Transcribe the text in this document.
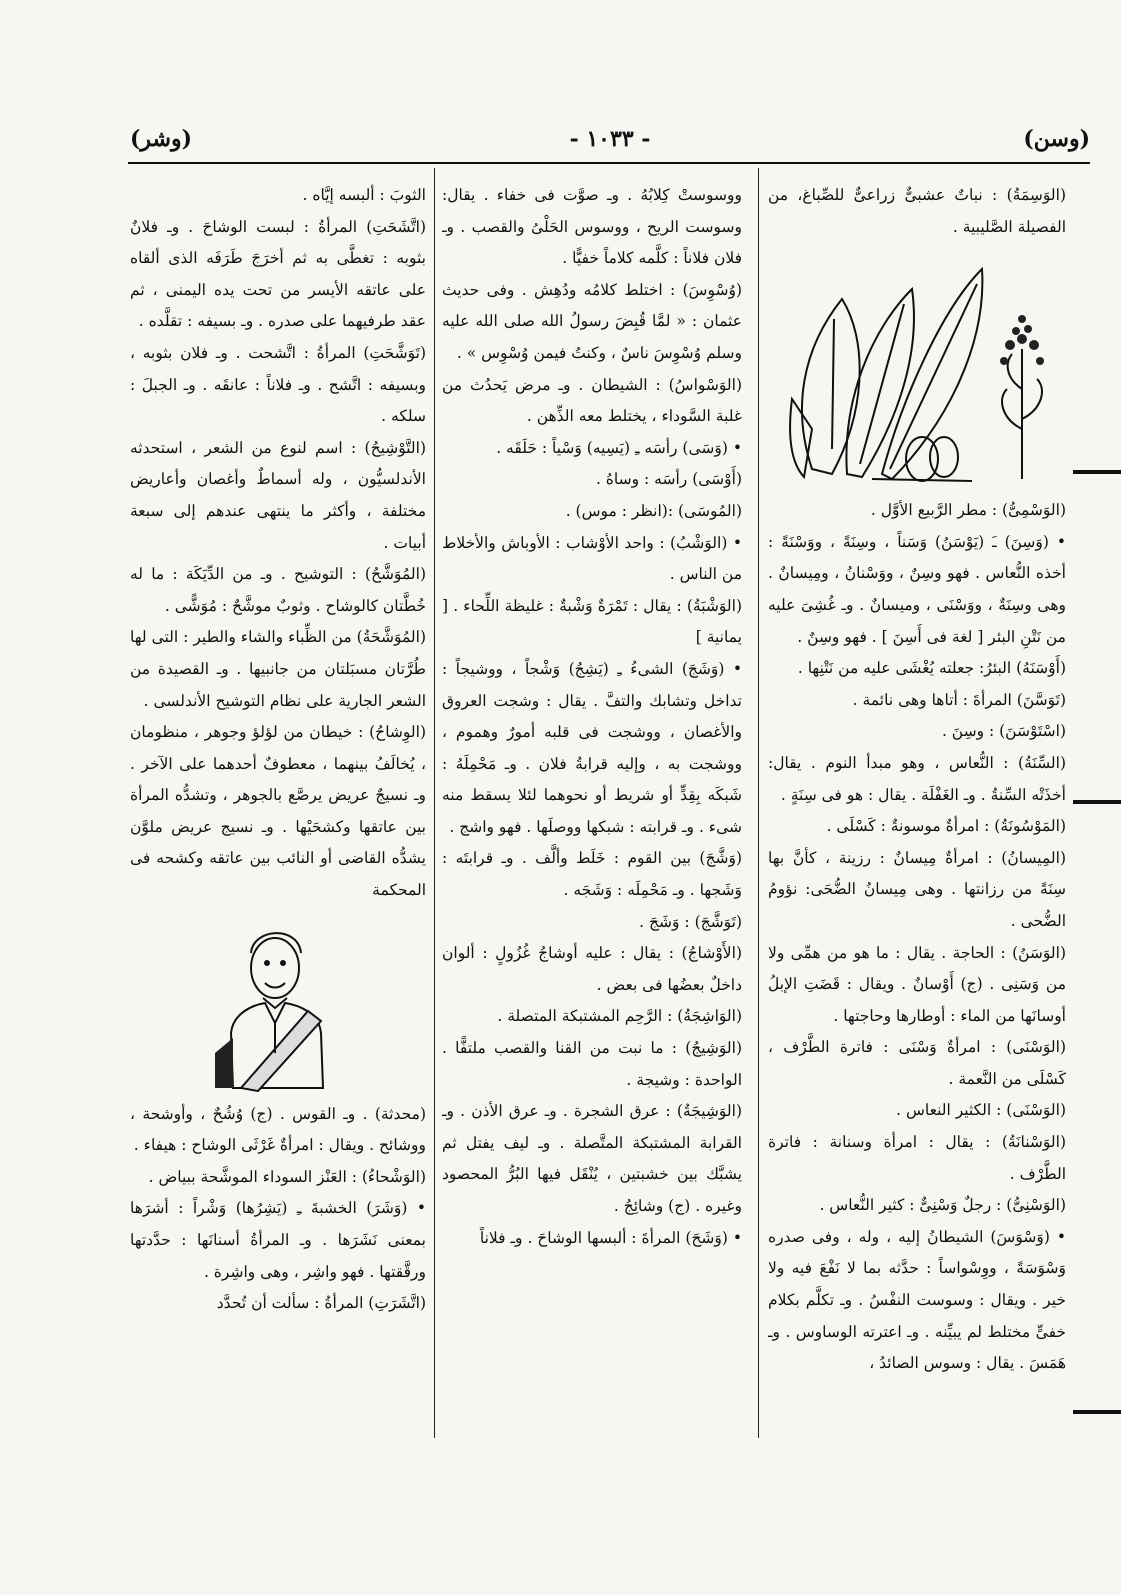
(وسن)
- ١٠٣٣ -
(وشر)

(الوَسِمَةُ) : نباتٌ عشبىٌّ زراعىٌّ للصِّباغ، من الفصيلة الصَّليبية .

(الوَسْمِىُّ) : مطر الرَّبيع الأوَّل .

• (وَسِنَ) ـَ (يَوْسَنُ) وَسَناً ، وسِنَةً ، ووَسْنَةً : أخذه النُّعاس . فهو وسِنٌ ، ووَسْنانُ ، ومِيسانٌ . وهى وسِنَةٌ ، ووَسْنَى ، وميسانٌ . وـ غُشِىَ عليه من نَتْنِ البئر [ لغة فى أَسِنَ ] . فهو وسِنٌ .

(أَوْسَنَهُ) البئرُ: جعلته يُغْشَى عليه من نَتْنِها .

(تَوَسَّنَ) المرأةَ : أتاها وهى نائمة .

(اسْتَوْسَنَ) : وسِنَ .

(السِّنَةُ) : النُّعاس ، وهو مبدأ النوم . يقال: أخذَتْه السِّنةُ . وـ الغَفْلَة . يقال : هو فى سِنَةٍ .

(المَوْسُونَةُ) : امرأةٌ موسونةٌ : كَسْلَى .

(المِيسانُ) : امرأةٌ مِيسانٌ : رزينة ، كأنَّ بها سِنَةً من رزانتها . وهى مِيسانُ الضُّحَى: نؤومُ الضُّحى .

(الوَسَنُ) : الحاجة . يقال : ما هو من همِّى ولا من وَسَنِى . (ج) أَوْسانٌ . ويقال : قَضَتِ الإبلُ أوسانَها من الماء : أوطارها وحاجتها .

(الوَسْنَى) : امرأةٌ وَسْنَى : فاترة الطَّرْف ، كَسْلَى من النَّعمة .

(الوَسْنَى) : الكثير النعاس .

(الوَسْنانَةُ) : يقال : امرأة وسنانة : فاترة الطَّرْف .

(الوَسْنِىُّ) : رجلٌ وَسْنِىٌّ : كثير النُّعاس .

• (وَسْوَسَ) الشيطانُ إليه ، وله ، وفى صدره وَسْوَسَةً ، ووِسْواساً : حدَّثه بما لا نَفْعَ فيه ولا خير . ويقال : وسوست النفْسُ . وـ تكلَّم بكلام خفىٍّ مختلط لم يبيِّنه . وـ اعترته الوساوس . وـ هَمَسَ . يقال : وسوس الصائدُ ،

ووسوستْ كِلابُهُ . وـ صوَّت فى خفاء . يقال: وسوست الريح ، ووسوس الحَلْىُ والقصب . وـ فلان فلاناً : كلَّمه كلاماً خفيًّا .

(وُسْوِسَ) : اختلط كلامُه ودُهِش . وفى حديث عثمان : « لمَّا قُبِضَ رسولُ الله صلى الله عليه وسلم وُسْوِسَ ناسٌ ، وكنتُ فيمن وُسْوِس » .

(الوَسْواسُ) : الشيطان . وـ مرض يَحدُث من غلبة السَّوداء ، يختلط معه الذِّهن .

• (وَسَى) رأسَه ـِ (يَسِيه) وَسْياً : حَلَقَه .

(أَوْسَى) رأسَه : وساهُ .

(المُوسَى) :(انظر : موس) .

• (الوَشْبُ) : واحد الأوْشاب : الأوباش والأخلاط من الناس .

(الوَشْبَةُ) : يقال : تَمْرَةٌ وَشْبةٌ : غليظة اللِّحاء . [ يمانية ]

• (وَشَجَ) الشىءُ ـِ (يَشِجُ) وَشْجاً ، ووشيجاً : تداخل وتشابك والتفَّ . يقال : وشجت العروق والأغصان ، ووشجت فى قلبه أمورٌ وهموم ، ووشجت به ، وإليه قرابةُ فلان . وـ مَحْمِلَهُ : شَبكَه بِقِدٍّ أو شريط أو نحوهما لئلا يسقط منه شىء . وـ قرابته : شبكها ووصلَها . فهو واشج .

(وَشَّجَ) بين القوم : خَلَط وألَّف . وـ قرابتَه : وَشَجها . وـ مَحْمِلَه : وَشَجَه .

(تَوَشَّجَ) : وَشَجَ .

(الأَوْشاجُ) : يقال : عليه أوشاجُ غُزُولٍ : ألوان داخلٌ بعضُها فى بعض .

(الوَاشِجَةُ) : الرَّحِم المشتبكة المتصلة .

(الوَشِيجُ) : ما نبت من القنا والقصب ملتفًّا . الواحدة : وشيجة .

(الوَشِيجَةُ) : عرق الشجرة . وـ عرق الأذن . وـ القرابة المشتبكة المتَّصلة . وـ ليف يفتل ثم يشبَّك بين خشبتين ، يُنْقَل فيها البُرُّ المحصود وغيره . (ج) وشائِجُ .

• (وَشَحَ) المرأةَ : ألبسها الوشاحَ . وـ فلاناً

الثوبَ : ألبسه إيَّاه .

(اتَّشَحَتِ) المرأةُ : لبست الوشاحَ . وـ فلانٌ بثوبه : تغطَّى به ثم أخرَجَ طَرَفَه الذى ألقاه على عاتقه الأيسر من تحت يده اليمنى ، ثم عقد طرفيهما على صدره . وـ بسيفه : تقلَّده .

(تَوَشَّحَتِ) المرأةُ : اتَّشحت . وـ فلان بثوبه ، وبسيفه : اتَّشح . وـ فلاناً : عانقَه . وـ الجبلَ : سلكه .

(التَّوْشِيحُ) : اسم لنوع من الشعر ، استحدثه الأندلسيُّون ، وله أسماطٌ وأغصان وأعاريض مختلفة ، وأكثر ما ينتهى عندهم إلى سبعة أبيات .

(المُوَشَّحُ) : التوشيح . وـ من الدِّيَكَة : ما له خُطَّتان كالوشاح . وثوبٌ موشَّحٌ : مُوَشًّى .

(المُوَشَّحَةُ) من الظِّباء والشاء والطير : التى لها طُرَّتان مسبَلتان من جانبيها . وـ القصيدة من الشعر الجارية على نظام التوشيح الأندلسى .

(الوِشاحُ) : خيطان من لؤلؤ وجوهر ، منظومان ، يُخالَفُ بينهما ، معطوفٌ أحدهما على الآخر . وـ نسيجٌ عريض يرصَّع بالجوهر ، وتشدُّه المرأة بين عاتقها وكشحَيْها . وـ نسيج عريض ملوَّن يشدُّه القاضى أو النائب بين عاتقه وكشحه فى المحكمة

(محدثة) . وـ القوس . (ج) وُشُحٌ ، وأوشحة ، ووشائح . ويقال : امرأةٌ غَرْثَى الوشاح : هيفاء .

(الوَشْحاءُ) : العَنْز السوداء الموشَّحة ببياض .

• (وَشَرَ) الخشبةَ ـِ (يَشِرُها) وَشْراً : أشرَها بمعنى نَشَرَها . وـ المرأةُ أسنانَها : حدَّدتها ورقَّقتها . فهو واشِر ، وهى واشِرة .

(اتَّشَرَتِ) المرأةُ : سألت أن تُحدَّد
